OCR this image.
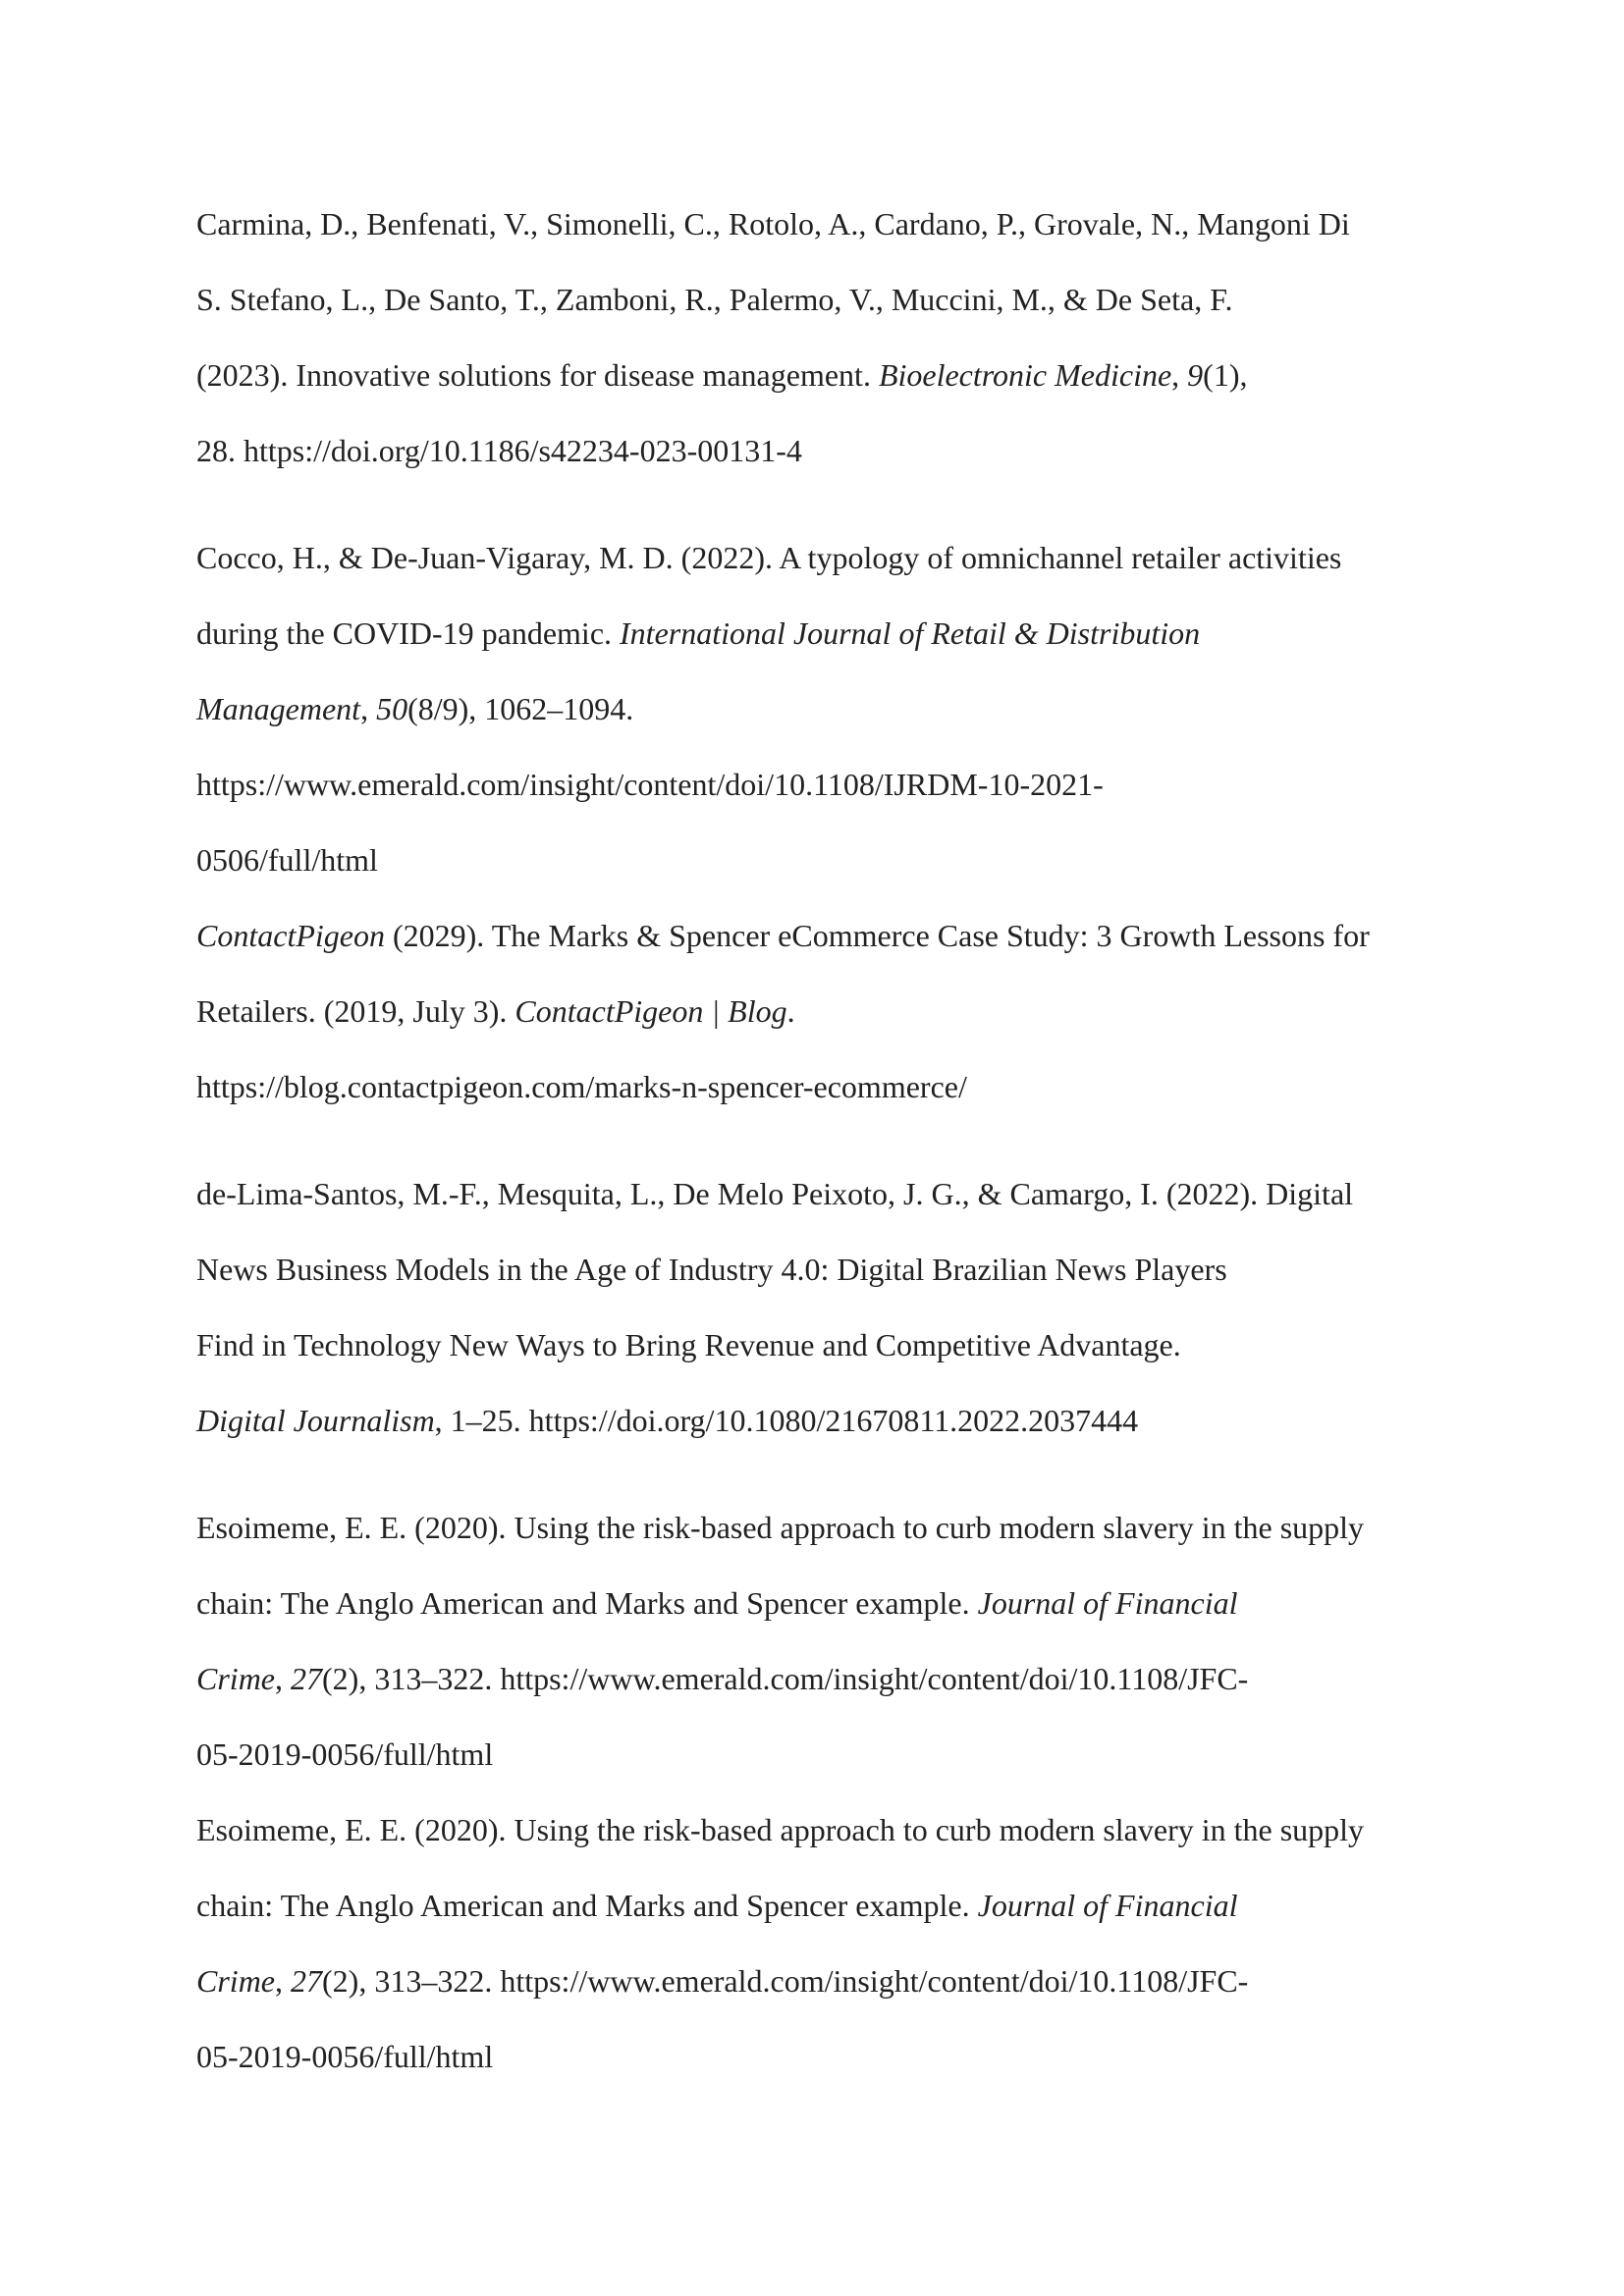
Carmina, D., Benfenati, V., Simonelli, C., Rotolo, A., Cardano, P., Grovale, N., Mangoni Di
S. Stefano, L., De Santo, T., Zamboni, R., Palermo, V., Muccini, M., & De Seta, F.
(2023). Innovative solutions for disease management. Bioelectronic Medicine, 9(1),
28. https://doi.org/10.1186/s42234-023-00131-4

Cocco, H., & De-Juan-Vigaray, M. D. (2022). A typology of omnichannel retailer activities
during the COVID-19 pandemic. International Journal of Retail & Distribution
Management, 50(8/9), 1062–1094.
https://www.emerald.com/insight/content/doi/10.1108/IJRDM-10-2021-
0506/full/html

ContactPigeon (2029). The Marks & Spencer eCommerce Case Study: 3 Growth Lessons for
Retailers. (2019, July 3). ContactPigeon | Blog.
https://blog.contactpigeon.com/marks-n-spencer-ecommerce/

de-Lima-Santos, M.-F., Mesquita, L., De Melo Peixoto, J. G., & Camargo, I. (2022). Digital
News Business Models in the Age of Industry 4.0: Digital Brazilian News Players
Find in Technology New Ways to Bring Revenue and Competitive Advantage.
Digital Journalism, 1–25. https://doi.org/10.1080/21670811.2022.2037444

Esoimeme, E. E. (2020). Using the risk-based approach to curb modern slavery in the supply
chain: The Anglo American and Marks and Spencer example. Journal of Financial
Crime, 27(2), 313–322. https://www.emerald.com/insight/content/doi/10.1108/JFC-
05-2019-0056/full/html

Esoimeme, E. E. (2020). Using the risk-based approach to curb modern slavery in the supply
chain: The Anglo American and Marks and Spencer example. Journal of Financial
Crime, 27(2), 313–322. https://www.emerald.com/insight/content/doi/10.1108/JFC-
05-2019-0056/full/html
